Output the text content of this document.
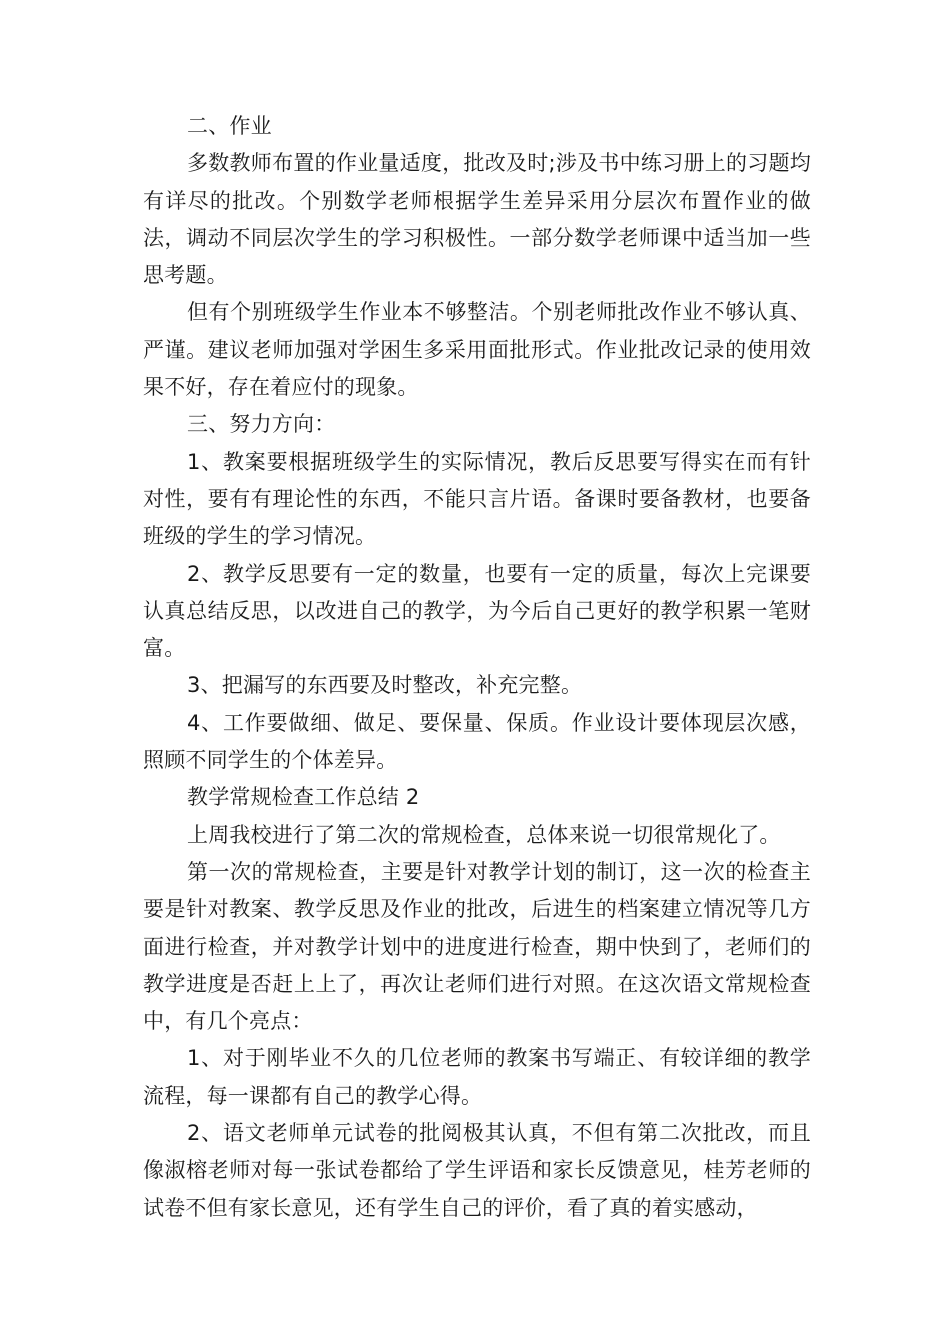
二、作业

多数教师布置的作业量适度，批改及时;涉及书中练习册上的习题均有详尽的批改。个别数学老师根据学生差异采用分层次布置作业的做法，调动不同层次学生的学习积极性。一部分数学老师课中适当加一些思考题。

但有个别班级学生作业本不够整洁。个别老师批改作业不够认真、严谨。建议老师加强对学困生多采用面批形式。作业批改记录的使用效果不好，存在着应付的现象。

三、努力方向：

1、教案要根据班级学生的实际情况，教后反思要写得实在而有针对性，要有有理论性的东西，不能只言片语。备课时要备教材，也要备班级的学生的学习情况。

2、教学反思要有一定的数量，也要有一定的质量，每次上完课要认真总结反思，以改进自己的教学，为今后自己更好的教学积累一笔财富。

3、把漏写的东西要及时整改，补充完整。

4、工作要做细、做足、要保量、保质。作业设计要体现层次感，照顾不同学生的个体差异。

教学常规检查工作总结 2

上周我校进行了第二次的常规检查，总体来说一切很常规化了。

第一次的常规检查，主要是针对教学计划的制订，这一次的检查主要是针对教案、教学反思及作业的批改，后进生的档案建立情况等几方面进行检查，并对教学计划中的进度进行检查，期中快到了，老师们的教学进度是否赶上上了，再次让老师们进行对照。在这次语文常规检查中，有几个亮点：

1、对于刚毕业不久的几位老师的教案书写端正、有较详细的教学流程，每一课都有自己的教学心得。

2、语文老师单元试卷的批阅极其认真，不但有第二次批改，而且像淑榕老师对每一张试卷都给了学生评语和家长反馈意见，桂芳老师的试卷不但有家长意见，还有学生自己的评价，看了真的着实感动，
